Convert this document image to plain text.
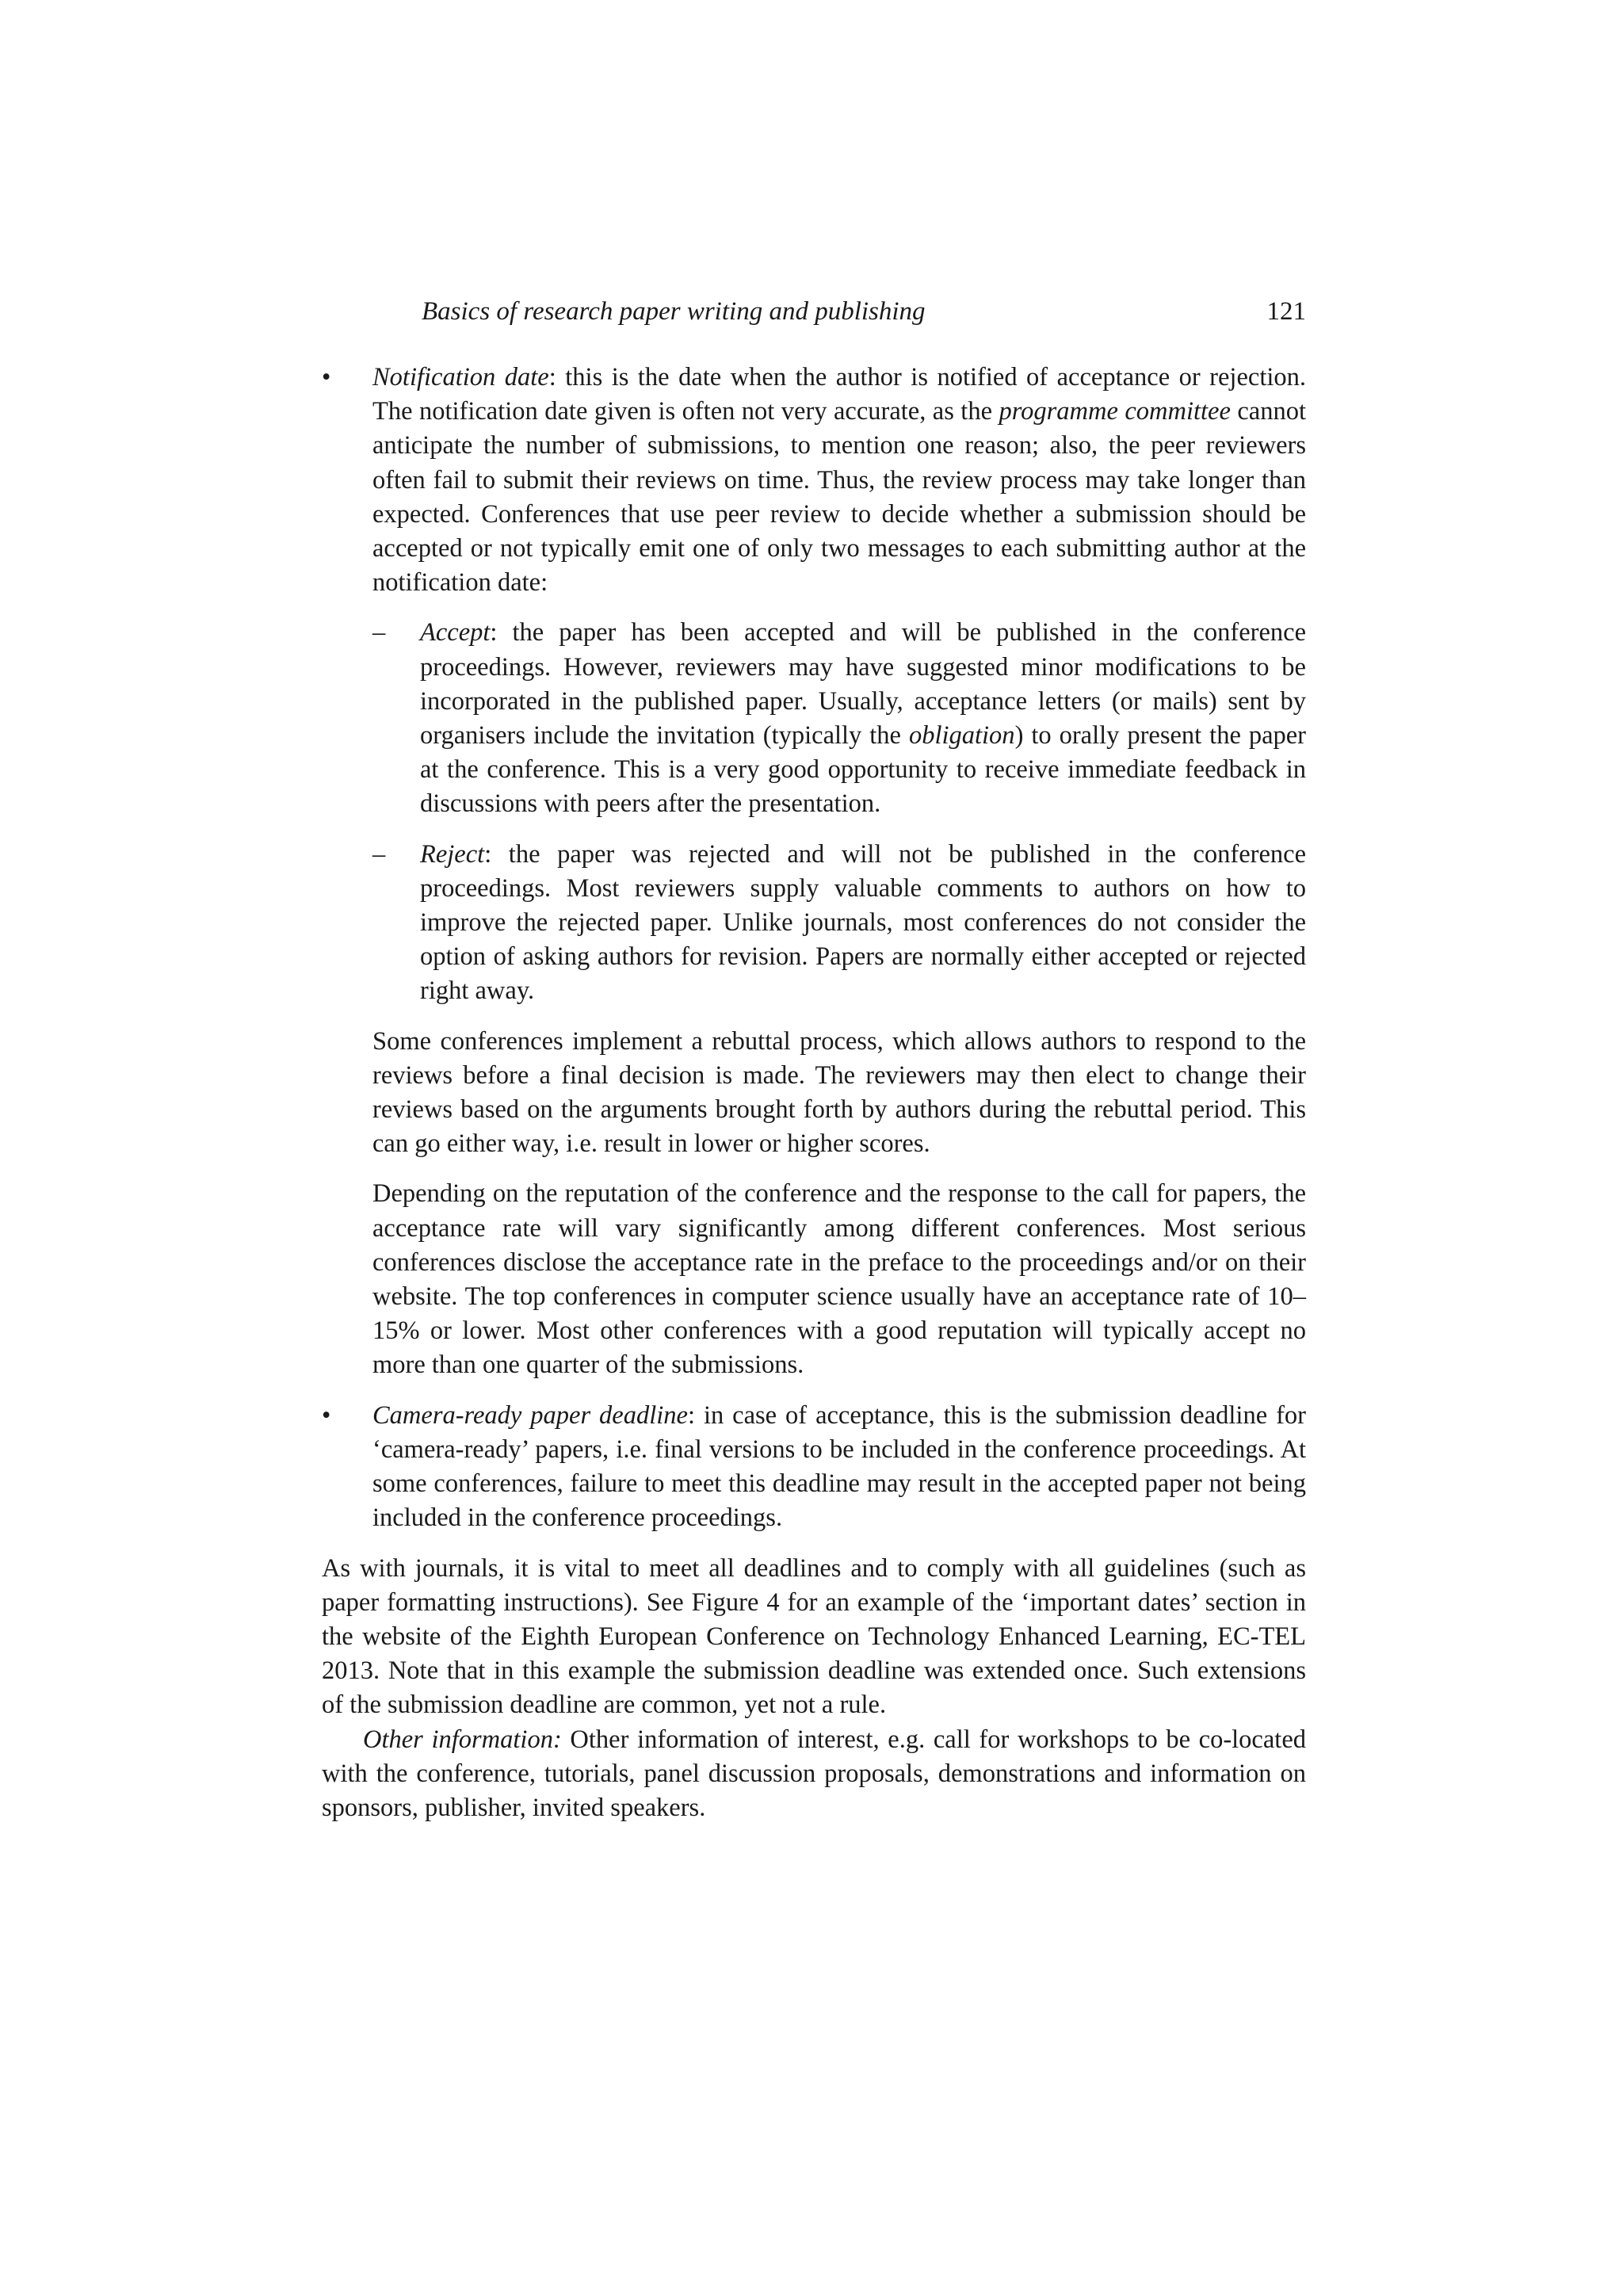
Basics of research paper writing and publishing	121
•	Notification date: this is the date when the author is notified of acceptance or rejection. The notification date given is often not very accurate, as the programme committee cannot anticipate the number of submissions, to mention one reason; also, the peer reviewers often fail to submit their reviews on time. Thus, the review process may take longer than expected. Conferences that use peer review to decide whether a submission should be accepted or not typically emit one of only two messages to each submitting author at the notification date:

– Accept: the paper has been accepted and will be published in the conference proceedings. However, reviewers may have suggested minor modifications to be incorporated in the published paper. Usually, acceptance letters (or mails) sent by organisers include the invitation (typically the obligation) to orally present the paper at the conference. This is a very good opportunity to receive immediate feedback in discussions with peers after the presentation.

– Reject: the paper was rejected and will not be published in the conference proceedings. Most reviewers supply valuable comments to authors on how to improve the rejected paper. Unlike journals, most conferences do not consider the option of asking authors for revision. Papers are normally either accepted or rejected right away.

Some conferences implement a rebuttal process, which allows authors to respond to the reviews before a final decision is made. The reviewers may then elect to change their reviews based on the arguments brought forth by authors during the rebuttal period. This can go either way, i.e. result in lower or higher scores.

Depending on the reputation of the conference and the response to the call for papers, the acceptance rate will vary significantly among different conferences. Most serious conferences disclose the acceptance rate in the preface to the proceedings and/or on their website. The top conferences in computer science usually have an acceptance rate of 10–15% or lower. Most other conferences with a good reputation will typically accept no more than one quarter of the submissions.

•	Camera-ready paper deadline: in case of acceptance, this is the submission deadline for ‘camera-ready’ papers, i.e. final versions to be included in the conference proceedings. At some conferences, failure to meet this deadline may result in the accepted paper not being included in the conference proceedings.

As with journals, it is vital to meet all deadlines and to comply with all guidelines (such as paper formatting instructions). See Figure 4 for an example of the ‘important dates’ section in the website of the Eighth European Conference on Technology Enhanced Learning, EC-TEL 2013. Note that in this example the submission deadline was extended once. Such extensions of the submission deadline are common, yet not a rule.

Other information: Other information of interest, e.g. call for workshops to be co-located with the conference, tutorials, panel discussion proposals, demonstrations and information on sponsors, publisher, invited speakers.
